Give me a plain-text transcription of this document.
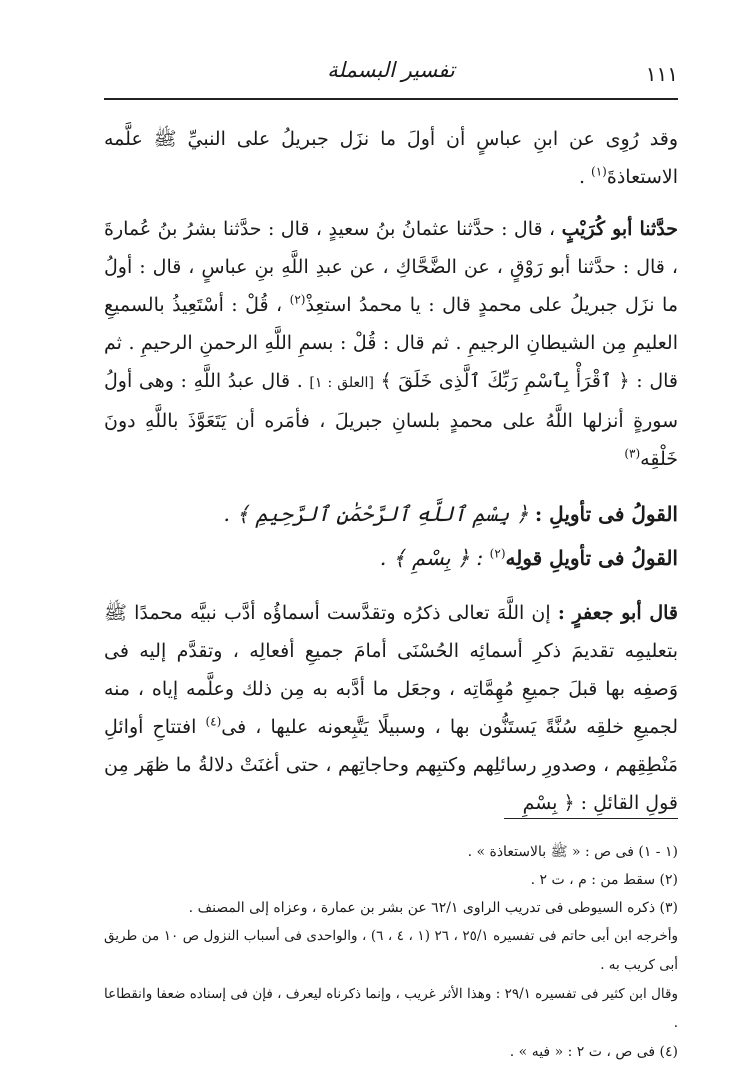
١١١
تفسير البسملة

وقد رُوِى عن ابنِ عباسٍ أن أولَ ما نزَل جبريلُ على النبيِّ ﷺ علَّمه الاستعاذةَ$^{(١)}$ .

حدَّثنا أبو كُرَيْبٍ ، قال : حدَّثنا عثمانُ بنُ سعيدٍ ، قال : حدَّثنا بشرُ بنُ عُمارةَ ، قال : حدَّثنا أبو رَوْقٍ ، عن الضَّحَّاكِ ، عن عبدِ اللَّهِ بنِ عباسٍ ، قال : أولُ ما نزَل جبريلُ على محمدٍ قال : يا محمدُ استعِذْ$^{(٢)}$ ، قُلْ : أسْتَعِيذُ بالسميعِ العليمِ مِن الشيطانِ الرجيمِ . ثم قال : قُلْ : بسمِ اللَّهِ الرحمنِ الرحيمِ . ثم قال : ﴿ ٱقْرَأْ بِٱسْمِ رَبِّكَ ٱلَّذِى خَلَقَ ﴾ [العلق : ١] . قال عبدُ اللَّهِ : وهى أولُ سورةٍ أنزلها اللَّهُ على محمدٍ بلسانِ جبريلَ ، فأمَره أن يَتَعَوَّذَ باللَّهِ دونَ خَلْقِه$^{(٣)}$

القولُ فى تأويلِ : ﴿ بِسْمِ ٱللَّهِ ٱلرَّحْمَٰنِ ٱلرَّحِيمِ ﴾ .

القولُ فى تأويلِ قولِه$^{(٢)}$ : ﴿ بِسْمِ ﴾ .

قال أبو جعفرٍ : إن اللَّهَ تعالى ذكرُه وتقدَّست أسماؤُه أدَّب نبيَّه محمدًا ﷺ بتعليمِه تقديمَ ذكرِ أسمائِه الحُسْنَى أمامَ جميعِ أفعالِه ، وتقدَّم إليه فى وَصفِه بها قبلَ جميعِ مُهِمَّاتِه ، وجعَل ما أدَّبه به مِن ذلك وعلَّمه إياه ، منه لجميعِ خلقِه سُنَّةً يَستَنُّون بها ، وسبيلًا يَتَّبِعونه عليها ، فى$^{(٤)}$ افتتاحِ أوائلِ مَنْطِقِهم ، وصدورِ رسائلِهم وكتبِهم وحاجاتِهم ، حتى أغنَتْ دلالةُ ما ظهَر مِن قولِ القائلِ : ﴿ بِسْمِ

(١ - ١) فى ص : « ﷺ بالاستعاذة » .

(٢) سقط من : م ، ت ٢ .

(٣) ذكره السيوطى فى تدريب الراوى ٦٢/١ عن بشر بن عمارة ، وعزاه إلى المصنف .

وأخرجه ابن أبى حاتم فى تفسيره ٢٥/١ ، ٢٦ (١ ، ٤ ، ٦) ، والواحدى فى أسباب النزول ص ١٠ من طريق أبى كريب به .

وقال ابن كثير فى تفسيره ٢٩/١ : وهذا الأثر غريب ، وإنما ذكرناه ليعرف ، فإن فى إسناده ضعفا وانقطاعا .

(٤) فى ص ، ت ٢ : « فيه » .
